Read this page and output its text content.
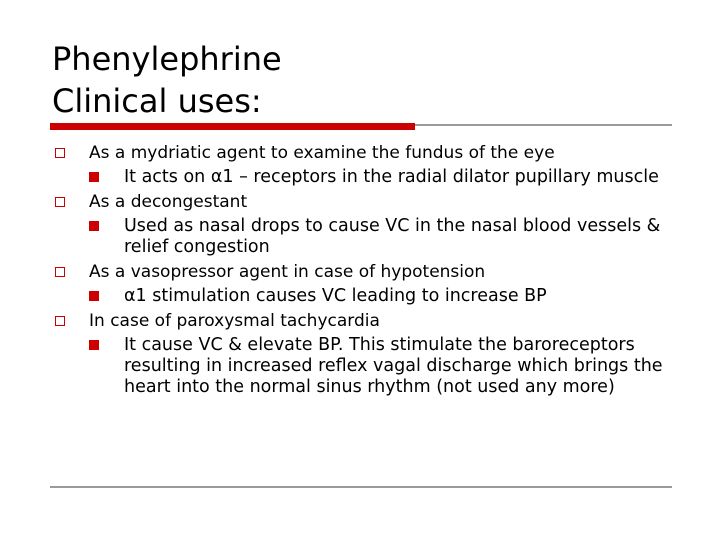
Phenylephrine
Clinical uses:
As a mydriatic agent to examine the fundus of the eye
It acts on α1 – receptors in the radial dilator pupillary muscle
As a decongestant
Used as nasal drops to cause VC in the nasal blood vessels & relief congestion
As a vasopressor agent in case of hypotension
α1 stimulation causes VC leading to increase BP
In case of paroxysmal tachycardia
It cause VC & elevate BP. This stimulate the baroreceptors resulting in increased reflex vagal discharge which brings the heart into the normal sinus rhythm (not used any more)
